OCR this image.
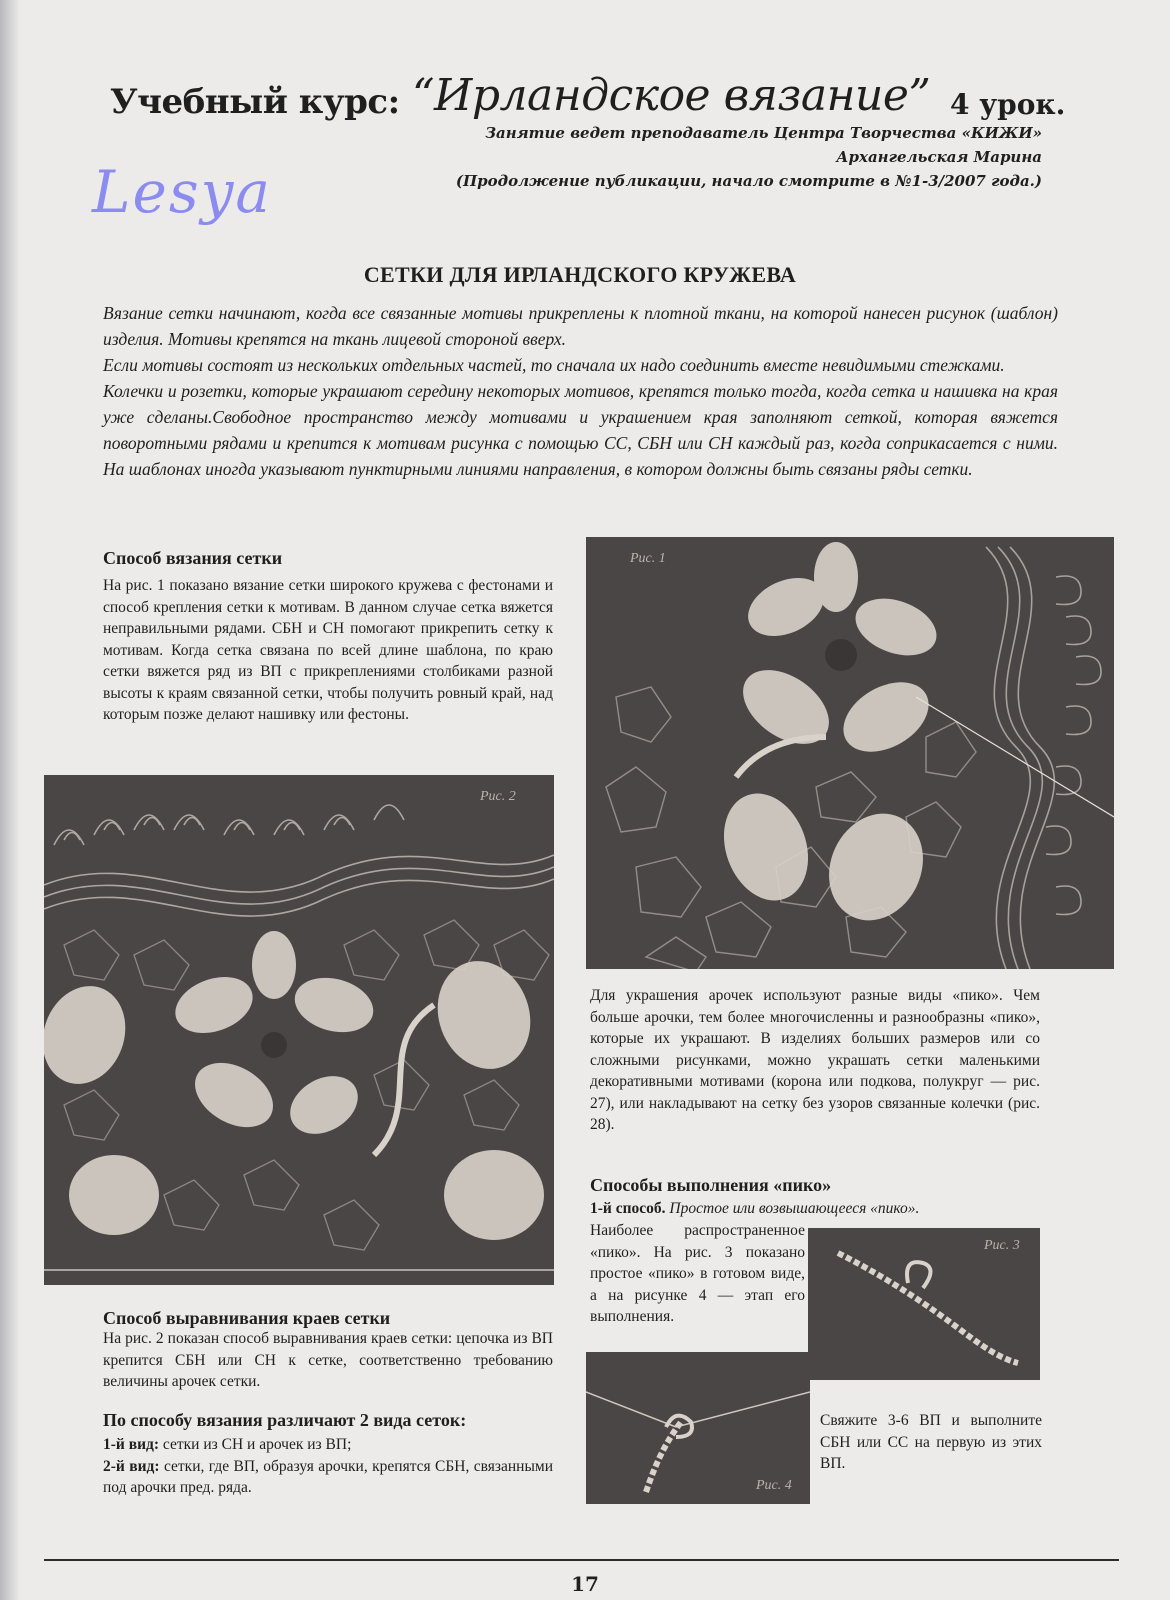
Учебный курс: “Ирландское вязание” 4 урок.
Занятие ведет преподаватель Центра Творчества «КИЖИ»
Архангельская Марина
(Продолжение публикации, начало смотрите в №1-3/2007 года.)
Lesya
СЕТКИ ДЛЯ ИРЛАНДСКОГО КРУЖЕВА

Вязание сетки начинают, когда все связанные мотивы прикреплены к плотной ткани, на которой нанесен рисунок (шаблон) изделия. Мотивы крепятся на ткань лицевой стороной вверх.

Если мотивы состоят из нескольких отдельных частей, то сначала их надо соединить вместе невидимыми стежками.

Колечки и розетки, которые украшают середину некоторых мотивов, крепятся только тогда, когда сетка и нашивка на края уже сделаны.Свободное пространство между мотивами и украшением края заполняют сеткой, которая вяжется поворотными рядами и крепится к мотивам рисунка с помощью СС, СБН или СН каждый раз, когда соприкасается с ними. На шаблонах иногда указывают пунктирными линиями направления, в котором должны быть связаны ряды сетки.

Способ вязания сетки
На рис. 1 показано вязание сетки широкого кружева с фестонами и способ крепления сетки к мотивам. В данном случае сетка вяжется неправильными рядами. СБН и СН помогают прикрепить сетку к мотивам. Когда сетка связана по всей длине шаблона, по краю сетки вяжется ряд из ВП с прикреплениями столбиками разной высоты к краям связанной сетки, чтобы получить ровный край, над которым позже делают нашивку или фестоны.
Рис. 1
Рис. 2
Для украшения арочек используют разные виды «пико». Чем больше арочки, тем более многочисленны и разнообразны «пико», которые их украшают. В изделиях больших размеров или со сложными рисунками, можно украшать сетки маленькими декоративными мотивами (корона или подкова, полукруг — рис. 27), или накладывают на сетку без узоров связанные колечки (рис. 28).
Способы выполнения «пико»
1-й способ. Простое или возвышающееся «пико».
Наиболее распространенное «пико». На рис. 3 показано простое «пико» в готовом виде, а на рисунке 4 — этап его выполнения.
Рис. 3
Рис. 4
Свяжите 3-6 ВП и выполните СБН или СС на первую из этих ВП.
Способ выравнивания краев сетки
На рис. 2 показан способ выравнивания краев сетки: цепочка из ВП крепится СБН или СН к сетке, соответственно требованию величины арочек сетки.
По способу вязания различают 2 вида сеток:

1-й вид: сетки из СН и арочек из ВП;

2-й вид: сетки, где ВП, образуя арочки, крепятся СБН, связанными под арочки пред. ряда.

17
